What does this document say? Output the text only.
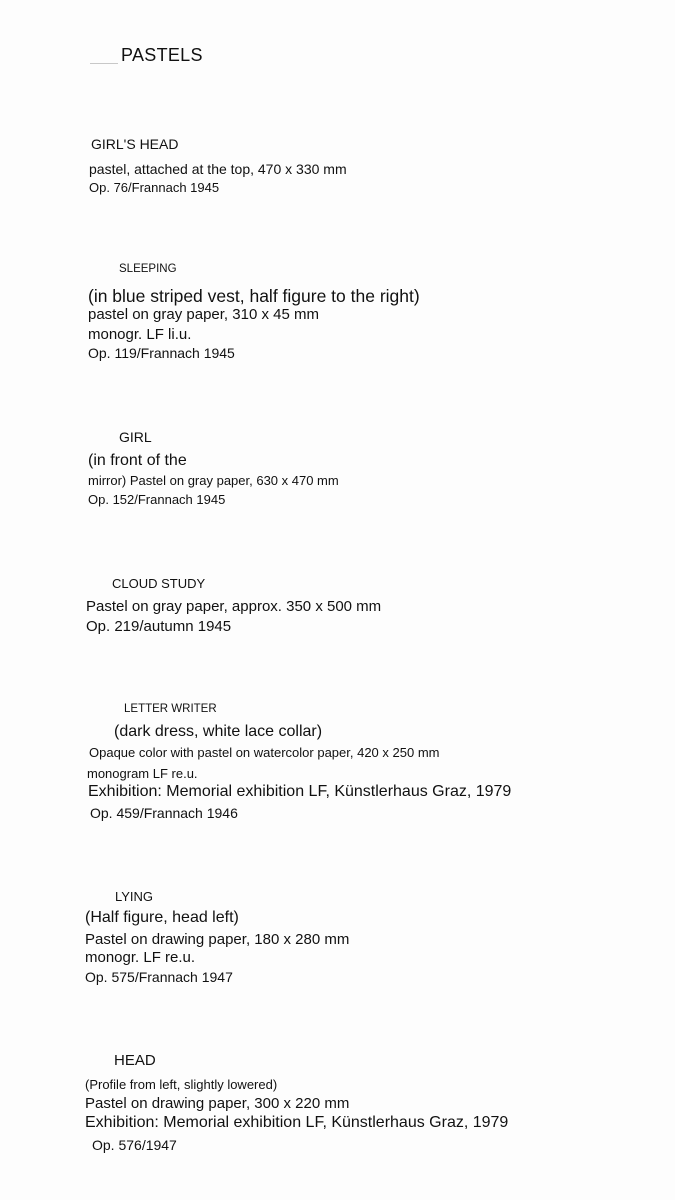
PASTELS
GIRL'S HEAD
pastel, attached at the top, 470 x 330 mm
Op. 76/Frannach 1945
SLEEPING
(in blue striped vest, half figure to the right)
pastel on gray paper, 310 x 45 mm
monogr. LF li.u.
Op. 119/Frannach 1945
GIRL
(in front of the
mirror) Pastel on gray paper, 630 x 470 mm
Op. 152/Frannach 1945
CLOUD STUDY
Pastel on gray paper, approx. 350 x 500 mm
Op. 219/autumn 1945
LETTER WRITER
(dark dress, white lace collar)
Opaque color with pastel on watercolor paper, 420 x 250 mm
monogram LF re.u.
Exhibition: Memorial exhibition LF, Künstlerhaus Graz, 1979
Op. 459/Frannach 1946
LYING
(Half figure, head left)
Pastel on drawing paper, 180 x 280 mm
monogr. LF re.u.
Op. 575/Frannach 1947
HEAD
(Profile from left, slightly lowered)
Pastel on drawing paper, 300 x 220 mm
Exhibition: Memorial exhibition LF, Künstlerhaus Graz, 1979
Op. 576/1947
